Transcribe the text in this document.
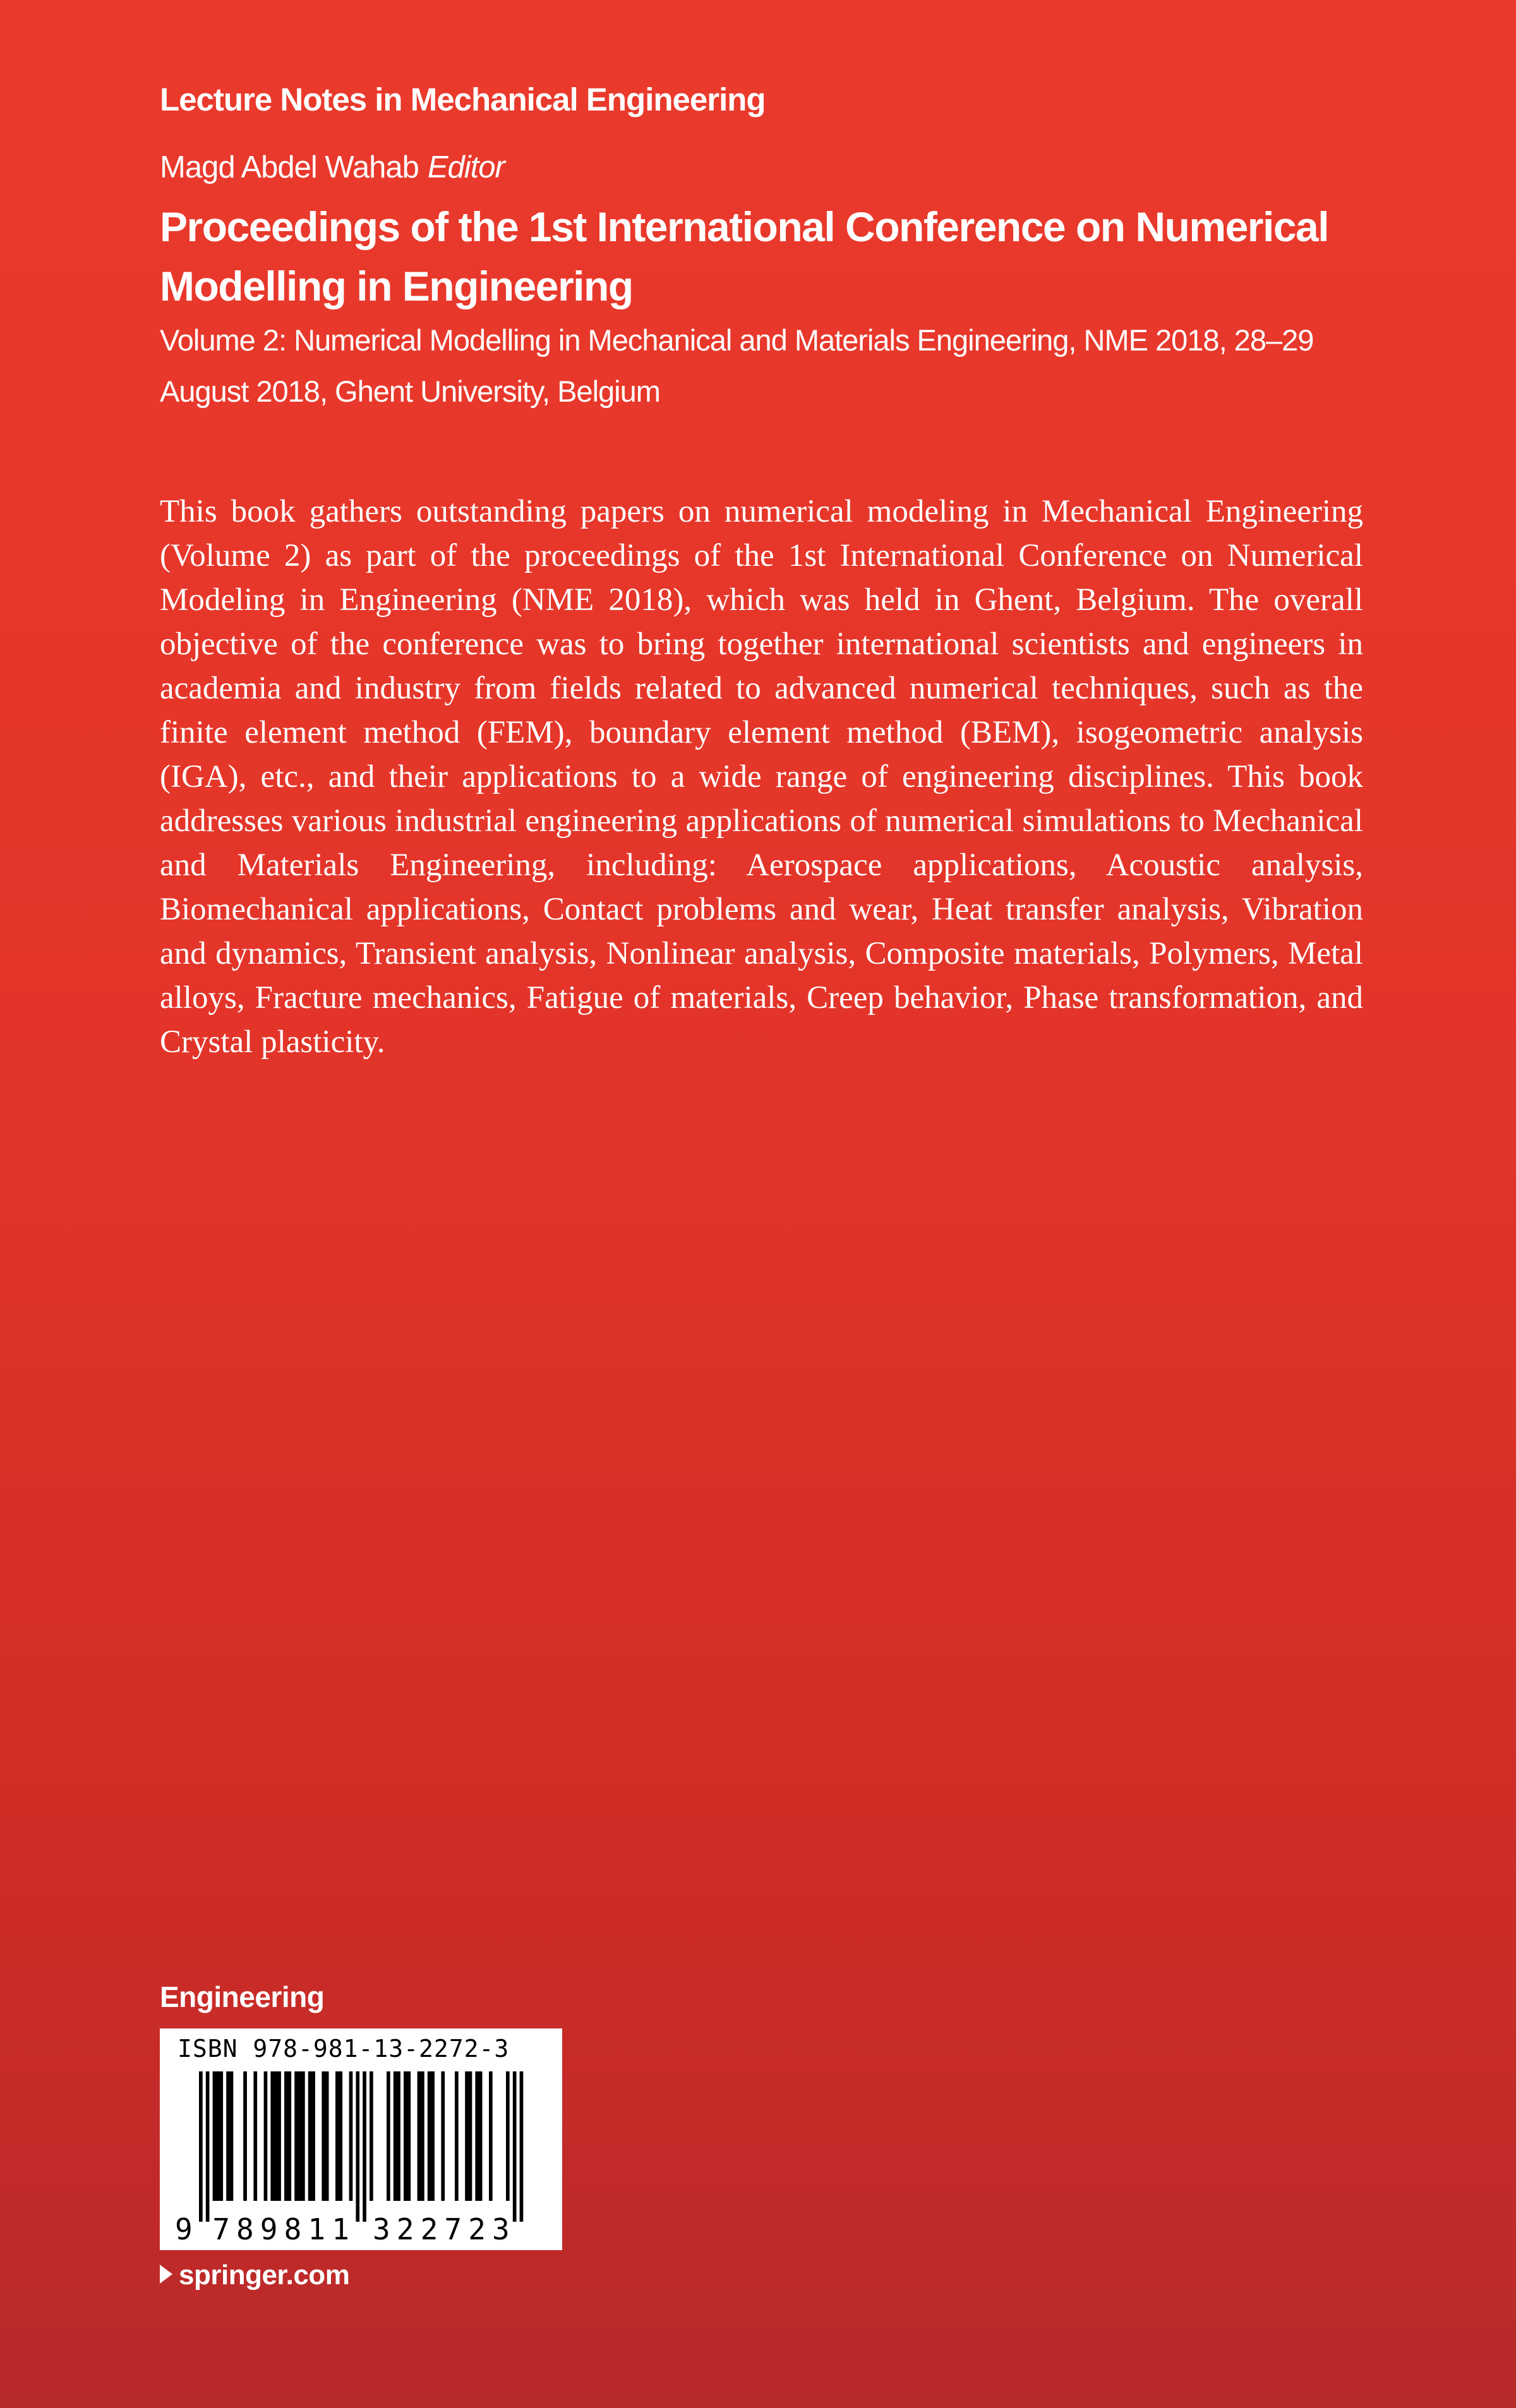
Lecture Notes in Mechanical Engineering
Magd Abdel Wahab Editor
Proceedings of the 1st International Conference on Numerical Modelling in Engineering
Volume 2: Numerical Modelling in Mechanical and Materials Engineering, NME 2018, 28–29 August 2018, Ghent University, Belgium
This book gathers outstanding papers on numerical modeling in Mechanical Engineering (Volume 2) as part of the proceedings of the 1st International Conference on Numerical Modeling in Engineering (NME 2018), which was held in Ghent, Belgium. The overall objective of the conference was to bring together international scientists and engineers in academia and industry from fields related to advanced numerical techniques, such as the finite element method (FEM), boundary element method (BEM), isogeometric analysis (IGA), etc., and their applications to a wide range of engineering disciplines. This book addresses various industrial engineering applications of numerical simulations to Mechanical and Materials Engineering, including: Aerospace applications, Acoustic analysis, Biomechanical applications, Contact problems and wear, Heat transfer analysis, Vibration and dynamics, Transient analysis, Nonlinear analysis, Composite materials, Polymers, Metal alloys, Fracture mechanics, Fatigue of materials, Creep behavior, Phase transformation, and Crystal plasticity.
Engineering
ISBN 978-981-13-2272-3
9 7 8 9 8 1 1 3 2 2 7 2 3
springer.com
